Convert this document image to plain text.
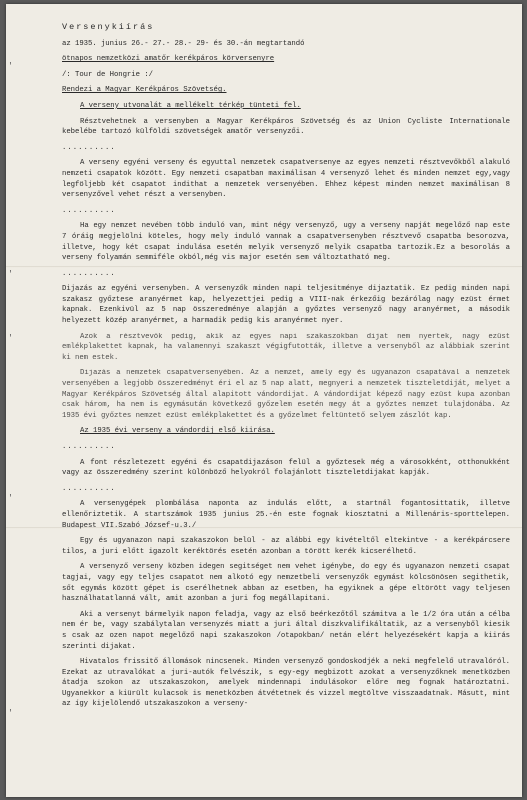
'
'
'
'
'

Versenykiírás

az 1935. junius 26.- 27.- 28.- 29- és 30.-án megtartandó

ötnapos nemzetközi amatőr kerékpáros körversenyre

/: Tour de Hongrie :/

Rendezi a Magyar Kerékpáros Szövetség.

A verseny utvonalát a mellékelt térkép tünteti fel.

Résztvehetnek a versenyben a Magyar Kerékpáros Szövetség és az Union Cycliste Internationale kebelébe tartozó külföldi szövetségek amatőr versenyzői.

..........

A verseny egyéni verseny és egyuttal nemzetek csapatversenye az egyes nemzeti résztvevőkből alakuló nemzeti csapatok között. Egy nemzeti csapatban maximálisan 4 versenyző lehet és minden nemzet egy,vagy legföljebb két csapatot indithat a nemzetek versenyében. Ehhez képest minden nemzet maximálisan 8 versenyzővel vehet részt a versenyben.

..........

Ha egy nemzet nevében több induló van, mint négy versenyző, ugy a verseny napját megelőző nap este 7 óráig megjelölni köteles, hogy mely induló vannak a csapatversenyben résztvevő csapatba besorozva, illetve, hogy két csapat indulása esetén melyik versenyző melyik csapatba tartozik.Ez a besorolás a verseny folyamán semmiféle okból,még vis major esetén sem változtatható meg.

..........

Dijazás az egyéni versenyben. A versenyzők minden napi teljesitménye dijaztatik. Ez pedig minden napi szakasz győztese aranyérmet kap, helyezettjei pedig a VIII-nak érkezőig bezárólag nagy ezüst érmet kapnak. Ezenkivül az 5 nap összeredménye alapján a győztes versenyző nagy aranyérmet, a második helyezett közép aranyérmet, a harmadik pedig kis aranyérmet nyer.

Azok a résztvevők pedig, akik az egyes napi szakaszokban dijat nem nyertek, nagy ezüst emlékplakettet kapnak, ha valamennyi szakaszt végigfutották, illetve a versenyből az alábbiak szerint ki nem estek.

Dijazás a nemzetek csapatversenyében. Az a nemzet, amely egy és ugyanazon csapatával a nemzetek versenyében a legjobb összeredményt éri el az 5 nap alatt, megnyeri a nemzetek tiszteletdiját, melyet a Magyar Kerékpáros Szövetség által alapitott vándordijat. A vándordijat képező nagy ezüst kupa azonban csak három, ha nem is egymásután következő győzelem esetén megy át a győztes nemzet tulajdonába. Az 1935 évi győztes nemzet ezüst emlékplakettet és a győzelmet feltüntető selyem zászlót kap.

Az 1935 évi verseny a vándordij első kiirása.

..........

A font részletezett egyéni és csapatdijazáson felül a győztesek még a városokként, otthonukként vagy az összeredmény szerint különböző helyokról folajánlott tiszteletdijakat kapják.

..........

A versenygépek plombálása naponta az indulás előtt, a startnál fogantosittatik, illetve ellenőriztetik. A startszámok 1935 junius 25.-én este fognak kiosztatni a Millenáris-sporttelepen. Budapest VII.Szabó József-u.3./

Egy és ugyanazon napi szakaszokon belül - az alábbi egy kivételtől eltekintve - a kerékpárcsere tilos, a juri előtt igazolt keréktörés esetén azonban a törött kerék kicserélhető.

A versenyző verseny közben idegen segitséget nem vehet igénybe, do egy és ugyanazon nemzeti csapat tagjai, vagy egy teljes csapatot nem alkotó egy nemzetbeli versenyzők egymást kölcsönösen segithetik, sőt egymás között gépet is cserélhetnek abban az esetben, ha egyiknek a gépe eltörött vagy teljesen használhatatlanná vált, amit azonban a juri fog megállapitani.

Aki a versenyt bármelyik napon feladja, vagy az első beérkezőtől számitva a le 1/2 óra után a célba nem ér be, vagy szabálytalan versenyzés miatt a juri által diszkvalifikáltatik, az a versenyből kiesik s csak az ozen napot megelőző napi szakaszokon /otapokban/ netán elért helyezésekért kapja a kiirás szerinti dijakat.

Hivatalos frissitő állomások nincsenek. Minden versenyző gondoskodjék a neki megfelelő utravalóról. Ezekat az utravalókat a juri-autók felvészik, s egy-egy megbizott azokat a versenyzőknek menetközben átadja szokon az utszakaszokon, amelyek mindennapi indulásokor előre meg fognak határoztatni. Ugyanekkor a kiürült kulacsok is menetközben átvétetnek és vizzel megtöltve visszaadatnak. Másutt, mint az így kijelölendő utszakaszokon a verseny-
